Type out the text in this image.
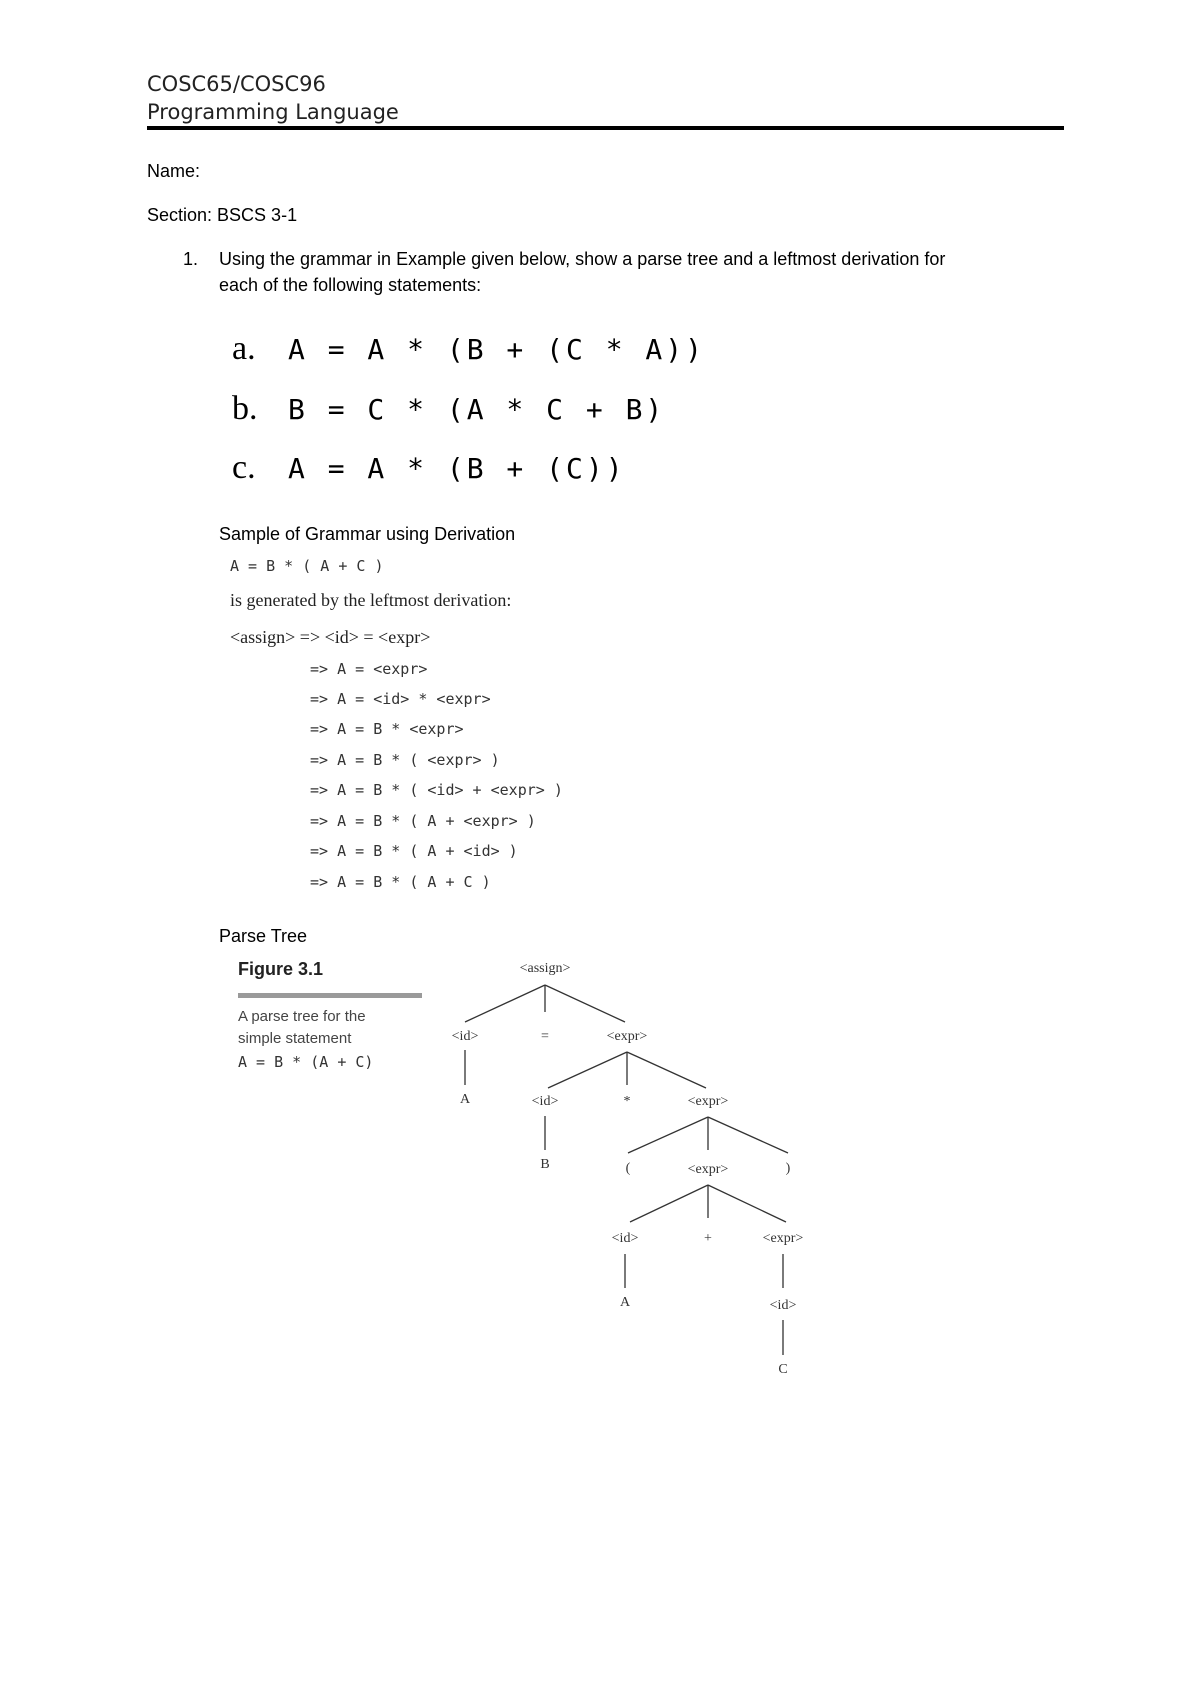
COSC65/COSC96
Programming Language
Name:
Section: BSCS 3-1
1. Using the grammar in Example given below, show a parse tree and a leftmost derivation for
each of the following statements:
a.	A = A * (B + (C * A))
b.	B = C * (A * C + B)
c.	A = A * (B + (C))
Sample of Grammar using Derivation
A = B * ( A + C )
is generated by the leftmost derivation:
<assign> => <id> = <expr>
=> A = <expr>
=> A = <id> * <expr>
=> A = B * <expr>
=> A = B * ( <expr> )
=> A = B * ( <id> + <expr> )
=> A = B * ( A + <expr> )
=> A = B * ( A + <id> )
=> A = B * ( A + C )
Parse Tree
Figure 3.1
A parse tree for the
simple statement
A = B * (A + C)
<assign>
<id>	=	<expr>
A	<id>	*	<expr>
B	(	<expr>	)
<id>	+	<expr>
A	<id>
C
